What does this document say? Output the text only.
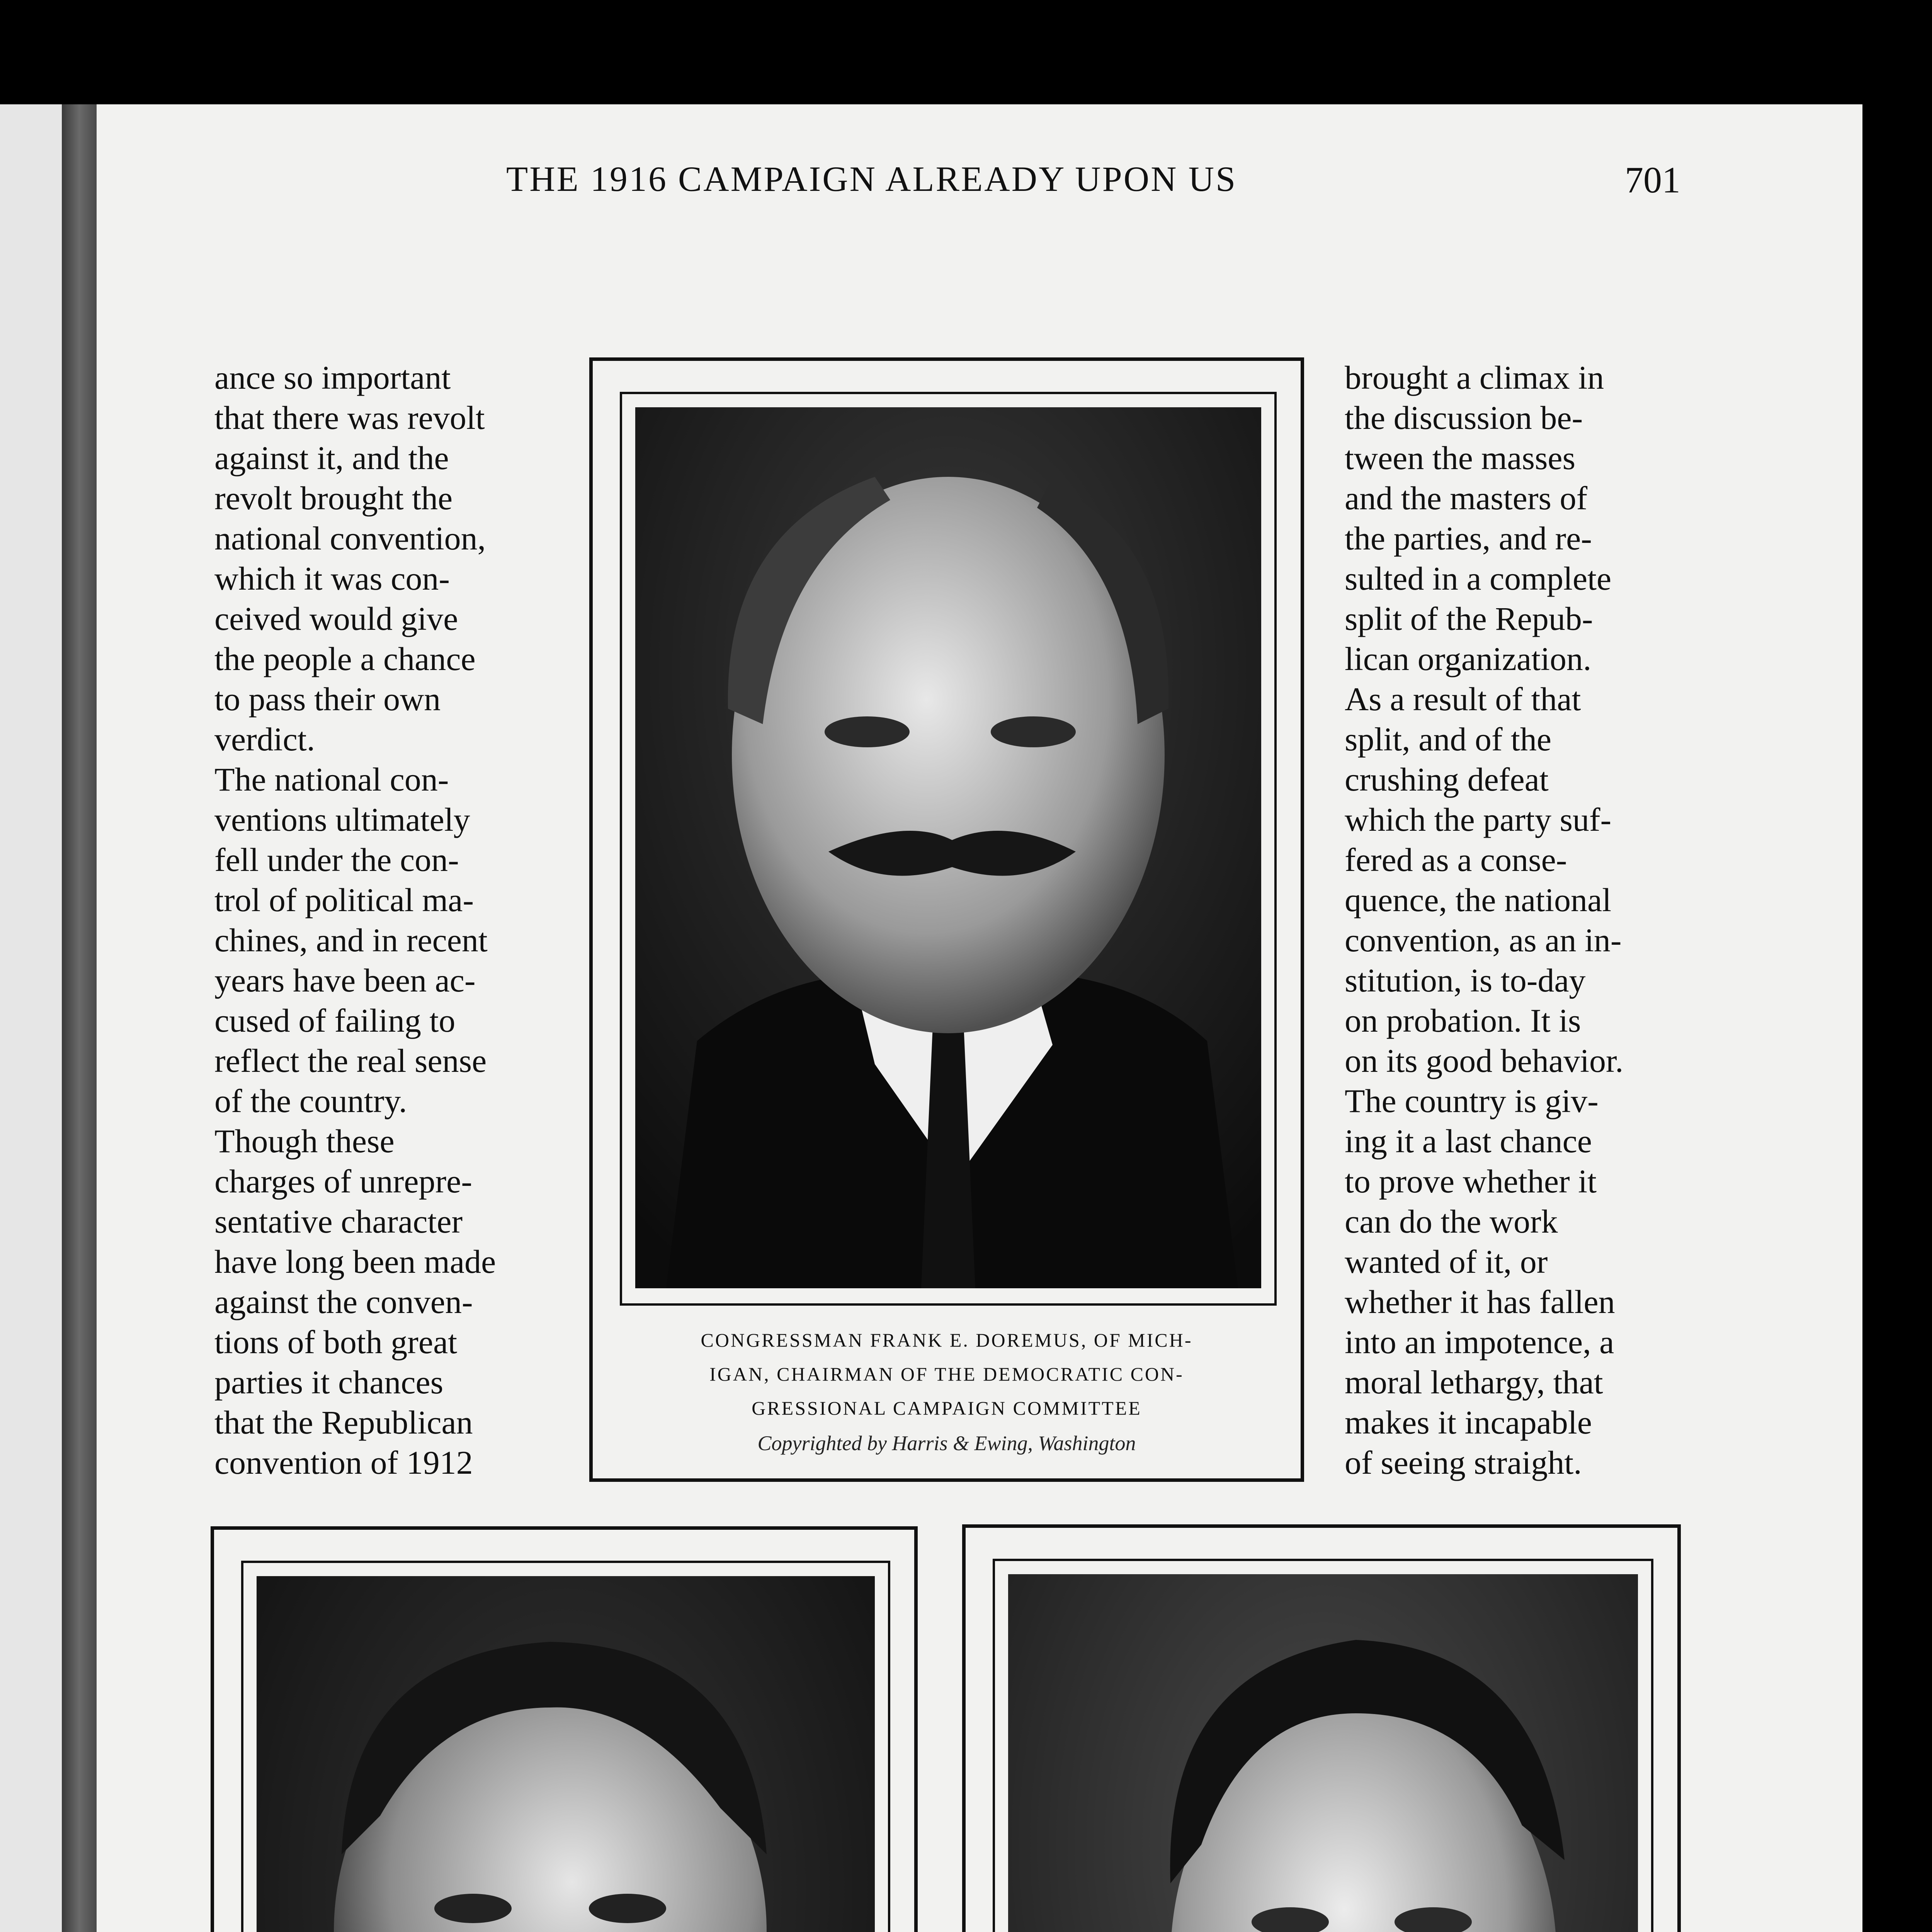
THE 1916 CAMPAIGN ALREADY UPON US	701
ance so important
that there was revolt
against it, and the
revolt brought the
national convention,
which it was con-
ceived would give
the people a chance
to pass their own
verdict.
The national con-
ventions ultimately
fell under the con-
trol of political ma-
chines, and in recent
years have been ac-
cused of failing to
reflect the real sense
of the country.
Though these
charges of unrepre-
sentative character
have long been made
against the conven-
tions of both great
parties it chances
that the Republican
convention of 1912
brought a climax in
the discussion be-
tween the masses
and the masters of
the parties, and re-
sulted in a complete
split of the Repub-
lican organization.
As a result of that
split, and of the
crushing defeat
which the party suf-
fered as a conse-
quence, the national
convention, as an in-
stitution, is to-day
on probation. It is
on its good behavior.
The country is giv-
ing it a last chance
to prove whether it
can do the work
wanted of it, or
whether it has fallen
into an impotence, a
moral lethargy, that
makes it incapable
of seeing straight.
CONGRESSMAN FRANK E. DOREMUS, OF MICH-
IGAN, CHAIRMAN OF THE DEMOCRATIC CON-
GRESSIONAL CAMPAIGN COMMITTEE
Copyrighted by Harris & Ewing, Washington
